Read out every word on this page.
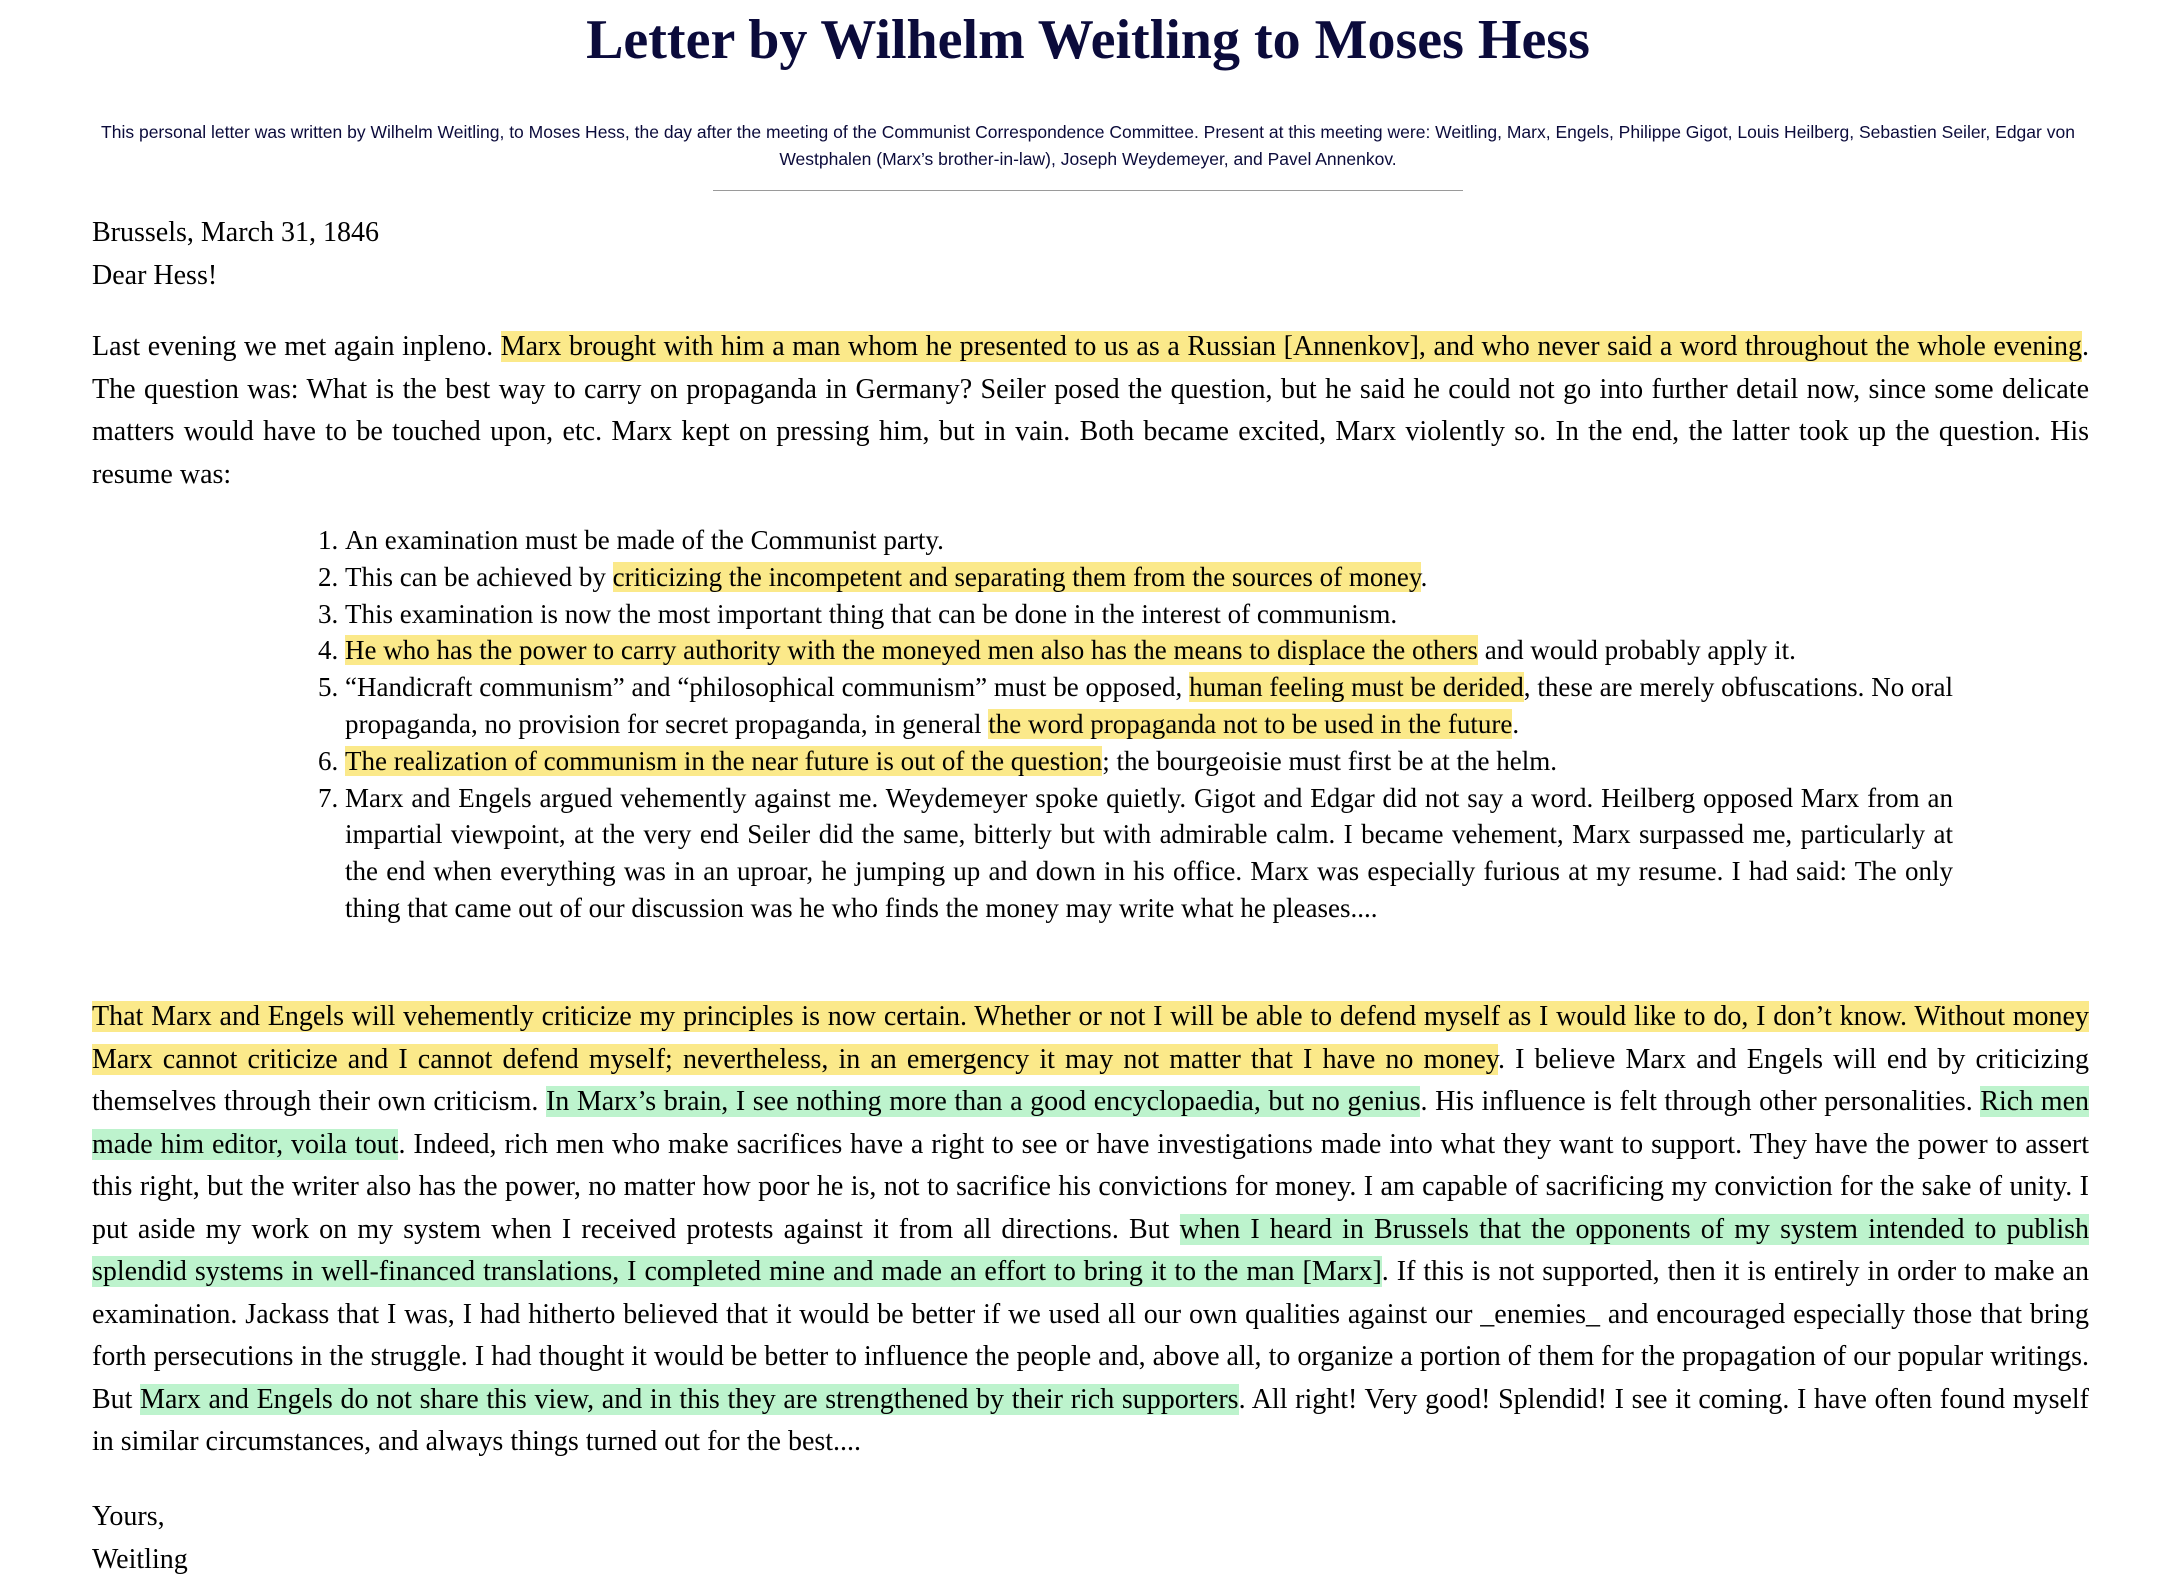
Letter by Wilhelm Weitling to Moses Hess
This personal letter was written by Wilhelm Weitling, to Moses Hess, the day after the meeting of the Communist Correspondence Committee. Present at this meeting were: Weitling, Marx, Engels, Philippe Gigot, Louis Heilberg, Sebastien Seiler, Edgar von Westphalen (Marx’s brother-in-law), Joseph Weydemeyer, and Pavel Annenkov.
Brussels, March 31, 1846
Dear Hess!

Last evening we met again inpleno. Marx brought with him a man whom he presented to us as a Russian [Annenkov], and who never said a word throughout the whole evening. The question was: What is the best way to carry on propaganda in Germany? Seiler posed the question, but he said he could not go into further detail now, since some delicate matters would have to be touched upon, etc. Marx kept on pressing him, but in vain. Both became excited, Marx violently so. In the end, the latter took up the question. His resume was:

1. An examination must be made of the Communist party.
2. This can be achieved by criticizing the incompetent and separating them from the sources of money.
3. This examination is now the most important thing that can be done in the interest of communism.
4. He who has the power to carry authority with the moneyed men also has the means to displace the others and would probably apply it.
5. “Handicraft communism” and “philosophical communism” must be opposed, human feeling must be derided, these are merely obfuscations. No oral propaganda, no provision for secret propaganda, in general the word propaganda not to be used in the future.
6. The realization of communism in the near future is out of the question; the bourgeoisie must first be at the helm.
7. Marx and Engels argued vehemently against me. Weydemeyer spoke quietly. Gigot and Edgar did not say a word. Heilberg opposed Marx from an impartial viewpoint, at the very end Seiler did the same, bitterly but with admirable calm. I became vehement, Marx surpassed me, particularly at the end when everything was in an uproar, he jumping up and down in his office. Marx was especially furious at my resume. I had said: The only thing that came out of our discussion was he who finds the money may write what he pleases....

That Marx and Engels will vehemently criticize my principles is now certain. Whether or not I will be able to defend myself as I would like to do, I don’t know. Without money Marx cannot criticize and I cannot defend myself; nevertheless, in an emergency it may not matter that I have no money. I believe Marx and Engels will end by criticizing themselves through their own criticism. In Marx’s brain, I see nothing more than a good encyclopaedia, but no genius. His influence is felt through other personalities. Rich men made him editor, voila tout. Indeed, rich men who make sacrifices have a right to see or have investigations made into what they want to support. They have the power to assert this right, but the writer also has the power, no matter how poor he is, not to sacrifice his convictions for money. I am capable of sacrificing my conviction for the sake of unity. I put aside my work on my system when I received protests against it from all directions. But when I heard in Brussels that the opponents of my system intended to publish splendid systems in well-financed translations, I completed mine and made an effort to bring it to the man [Marx]. If this is not supported, then it is entirely in order to make an examination. Jackass that I was, I had hitherto believed that it would be better if we used all our own qualities against our _enemies_ and encouraged especially those that bring forth persecutions in the struggle. I had thought it would be better to influence the people and, above all, to organize a portion of them for the propagation of our popular writings. But Marx and Engels do not share this view, and in this they are strengthened by their rich supporters. All right! Very good! Splendid! I see it coming. I have often found myself in similar circumstances, and always things turned out for the best....

Yours,
Weitling
